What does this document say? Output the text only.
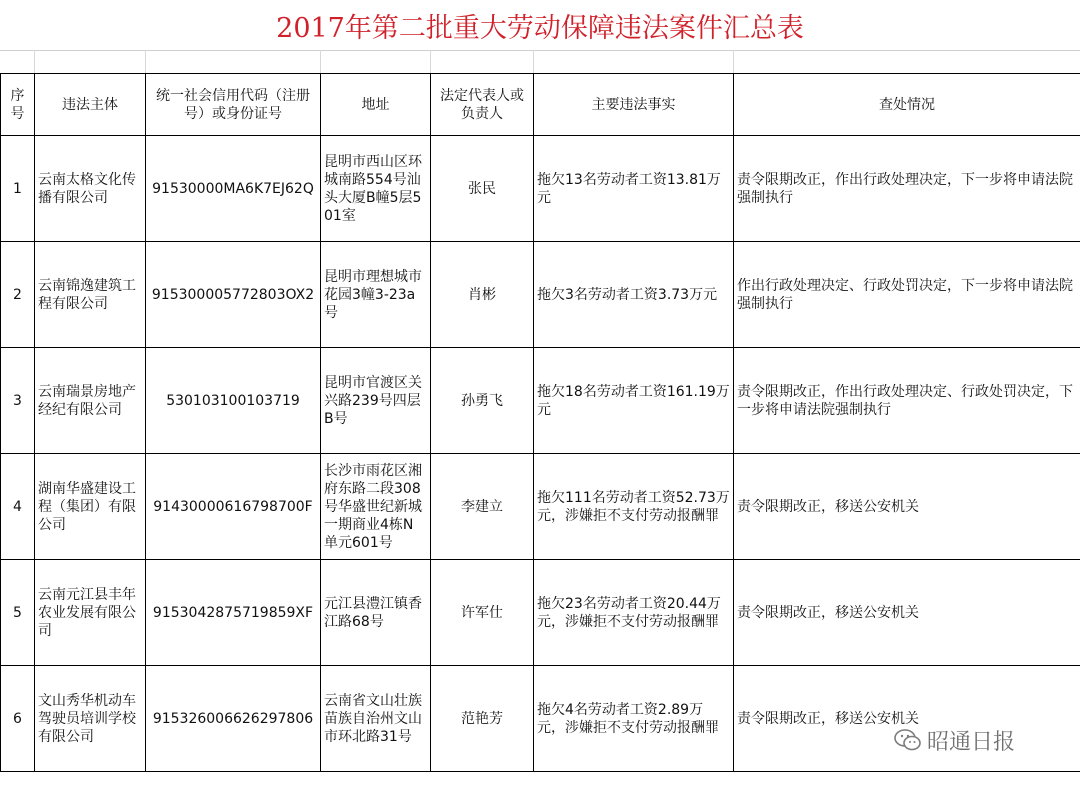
2017年第二批重大劳动保障违法案件汇总表
序号	违法主体	统一社会信用代码（注册号）或身份证号	地址	法定代表人或负责人	主要违法事实	查处情况
1	云南太格文化传播有限公司	91530000MA6K7EJ62Q	昆明市西山区环城南路554号汕头大厦B幢5层501室	张民	拖欠13名劳动者工资13.81万元	责令限期改正，作出行政处理决定，下一步将申请法院强制执行
2	云南锦逸建筑工程有限公司	915300005772803OX2	昆明市理想城市花园3幢3-23a号	肖彬	拖欠3名劳动者工资3.73万元	作出行政处理决定、行政处罚决定，下一步将申请法院强制执行
3	云南瑞景房地产经纪有限公司	530103100103719	昆明市官渡区关兴路239号四层B号	孙勇飞	拖欠18名劳动者工资161.19万元	责令限期改正，作出行政处理决定、行政处罚决定，下一步将申请法院强制执行
4	湖南华盛建设工程（集团）有限公司	91430000616798700F	长沙市雨花区湘府东路二段308号华盛世纪新城一期商业4栋N单元601号	李建立	拖欠111名劳动者工资52.73万元，涉嫌拒不支付劳动报酬罪	责令限期改正，移送公安机关
5	云南元江县丰年农业发展有限公司	9153042875719859XF	元江县澧江镇香江路68号	许军仕	拖欠23名劳动者工资20.44万元，涉嫌拒不支付劳动报酬罪	责令限期改正，移送公安机关
6	文山秀华机动车驾驶员培训学校有限公司	915326006626297806	云南省文山壮族苗族自治州文山市环北路31号	范艳芳	拖欠4名劳动者工资2.89万元，涉嫌拒不支付劳动报酬罪	责令限期改正，移送公安机关
昭通日报
